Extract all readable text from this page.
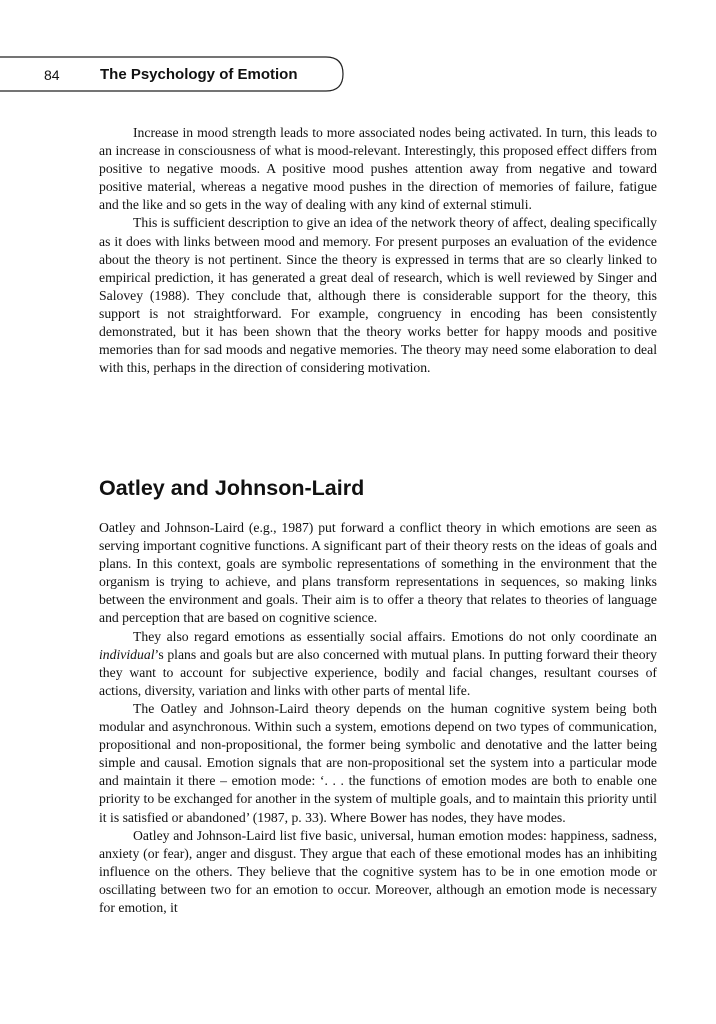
84	The Psychology of Emotion

Increase in mood strength leads to more associated nodes being activated. In turn, this leads to an increase in consciousness of what is mood-relevant. Interestingly, this proposed effect differs from positive to negative moods. A positive mood pushes attention away from negative and toward positive material, whereas a negative mood pushes in the direction of memories of failure, fatigue and the like and so gets in the way of dealing with any kind of external stimuli.

This is sufficient description to give an idea of the network theory of affect, dealing specifically as it does with links between mood and memory. For present purposes an evaluation of the evidence about the theory is not pertinent. Since the theory is expressed in terms that are so clearly linked to empirical prediction, it has generated a great deal of research, which is well reviewed by Singer and Salovey (1988). They conclude that, although there is considerable support for the theory, this support is not straightforward. For example, congruency in encoding has been consistently demonstrated, but it has been shown that the theory works better for happy moods and positive memories than for sad moods and negative memories. The theory may need some elaboration to deal with this, perhaps in the direction of considering motivation.

Oatley and Johnson-Laird

Oatley and Johnson-Laird (e.g., 1987) put forward a conflict theory in which emotions are seen as serving important cognitive functions. A significant part of their theory rests on the ideas of goals and plans. In this context, goals are symbolic representations of something in the environment that the organism is trying to achieve, and plans transform representations in sequences, so making links between the environment and goals. Their aim is to offer a theory that relates to theories of language and perception that are based on cognitive science.

They also regard emotions as essentially social affairs. Emotions do not only coordinate an individual’s plans and goals but are also concerned with mutual plans. In putting forward their theory they want to account for subjective experience, bodily and facial changes, resultant courses of actions, diversity, variation and links with other parts of mental life.

The Oatley and Johnson-Laird theory depends on the human cognitive system being both modular and asynchronous. Within such a system, emotions depend on two types of communication, propositional and non-propositional, the former being symbolic and denotative and the latter being simple and causal. Emotion signals that are non-propositional set the system into a particular mode and maintain it there – emotion mode: ‘. . . the functions of emotion modes are both to enable one priority to be exchanged for another in the system of multiple goals, and to maintain this priority until it is satisfied or abandoned’ (1987, p. 33). Where Bower has nodes, they have modes.

Oatley and Johnson-Laird list five basic, universal, human emotion modes: happiness, sadness, anxiety (or fear), anger and disgust. They argue that each of these emotional modes has an inhibiting influence on the others. They believe that the cognitive system has to be in one emotion mode or oscillating between two for an emotion to occur. Moreover, although an emotion mode is necessary for emotion, it
